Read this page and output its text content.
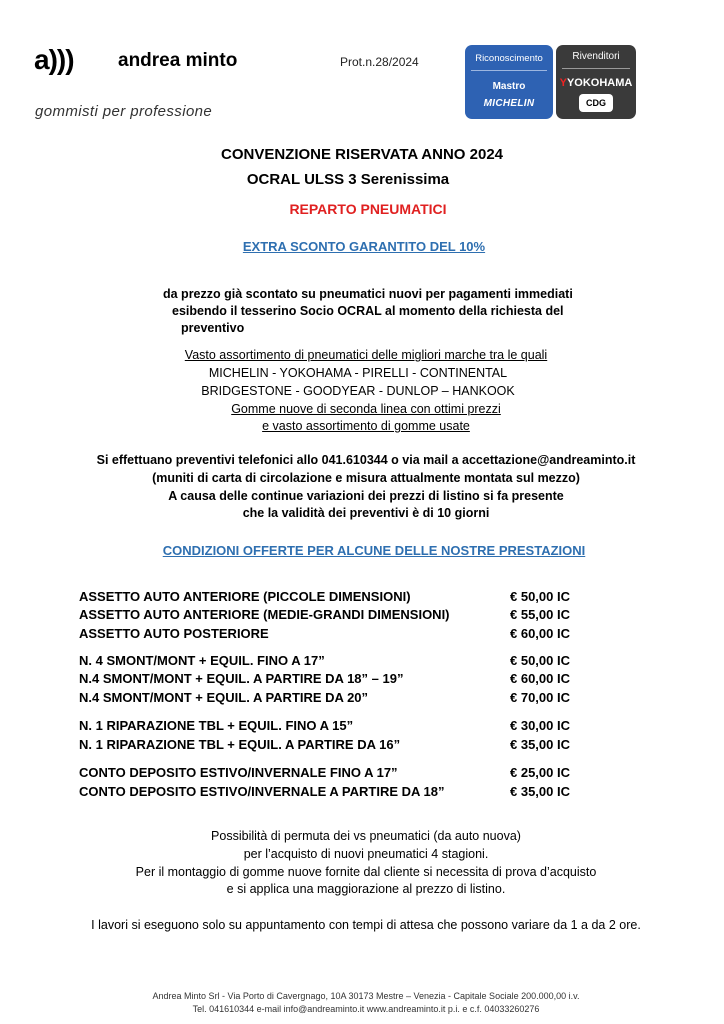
a))) andrea minto
gommisti per professione
Prot.n.28/2024	Riconoscimento
Mastro
MICHELIN
Rivenditori
YYOKOHAMA
CDG
CONVENZIONE RISERVATA ANNO 2024
OCRAL ULSS 3 Serenissima
REPARTO PNEUMATICI
EXTRA SCONTO GARANTITO DEL 10%
da prezzo già scontato su pneumatici nuovi per pagamenti immediati
esibendo il tesserino Socio OCRAL al momento della richiesta del
preventivo
Vasto assortimento di pneumatici delle migliori marche tra le quali
MICHELIN - YOKOHAMA - PIRELLI - CONTINENTAL
BRIDGESTONE - GOODYEAR - DUNLOP – HANKOOK
Gomme nuove di seconda linea con ottimi prezzi
e vasto assortimento di gomme usate
Si effettuano preventivi telefonici allo 041.610344 o via mail a accettazione@andreaminto.it
(muniti di carta di circolazione e misura attualmente montata sul mezzo)
A causa delle continue variazioni dei prezzi di listino si fa presente
che la validità dei preventivi è di 10 giorni
CONDIZIONI OFFERTE PER ALCUNE DELLE NOSTRE PRESTAZIONI
ASSETTO AUTO ANTERIORE (PICCOLE DIMENSIONI)	€ 50,00 IC
ASSETTO AUTO ANTERIORE (MEDIE-GRANDI DIMENSIONI)	€ 55,00 IC
ASSETTO AUTO POSTERIORE	€ 60,00 IC
N. 4 SMONT/MONT + EQUIL. FINO A 17”	€ 50,00 IC
N.4 SMONT/MONT + EQUIL. A PARTIRE DA 18” – 19”	€ 60,00 IC
N.4 SMONT/MONT + EQUIL. A PARTIRE DA 20”	€ 70,00 IC
N. 1 RIPARAZIONE TBL + EQUIL. FINO A 15”	€ 30,00 IC
N. 1 RIPARAZIONE TBL + EQUIL. A PARTIRE DA 16”	€ 35,00 IC
CONTO DEPOSITO ESTIVO/INVERNALE FINO A 17”	€ 25,00 IC
CONTO DEPOSITO ESTIVO/INVERNALE A PARTIRE DA 18”	€ 35,00 IC
Possibilità di permuta dei vs pneumatici (da auto nuova)
per l’acquisto di nuovi pneumatici 4 stagioni.
Per il montaggio di gomme nuove fornite dal cliente si necessita di prova d’acquisto
e si applica una maggiorazione al prezzo di listino.
I lavori si eseguono solo su appuntamento con tempi di attesa che possono variare da 1 a da 2 ore.
Andrea Minto Srl - Via Porto di Cavergnago, 10A 30173 Mestre – Venezia - Capitale Sociale 200.000,00 i.v.
Tel. 041610344 e-mail info@andreaminto.it www.andreaminto.it p.i. e c.f. 04033260276
